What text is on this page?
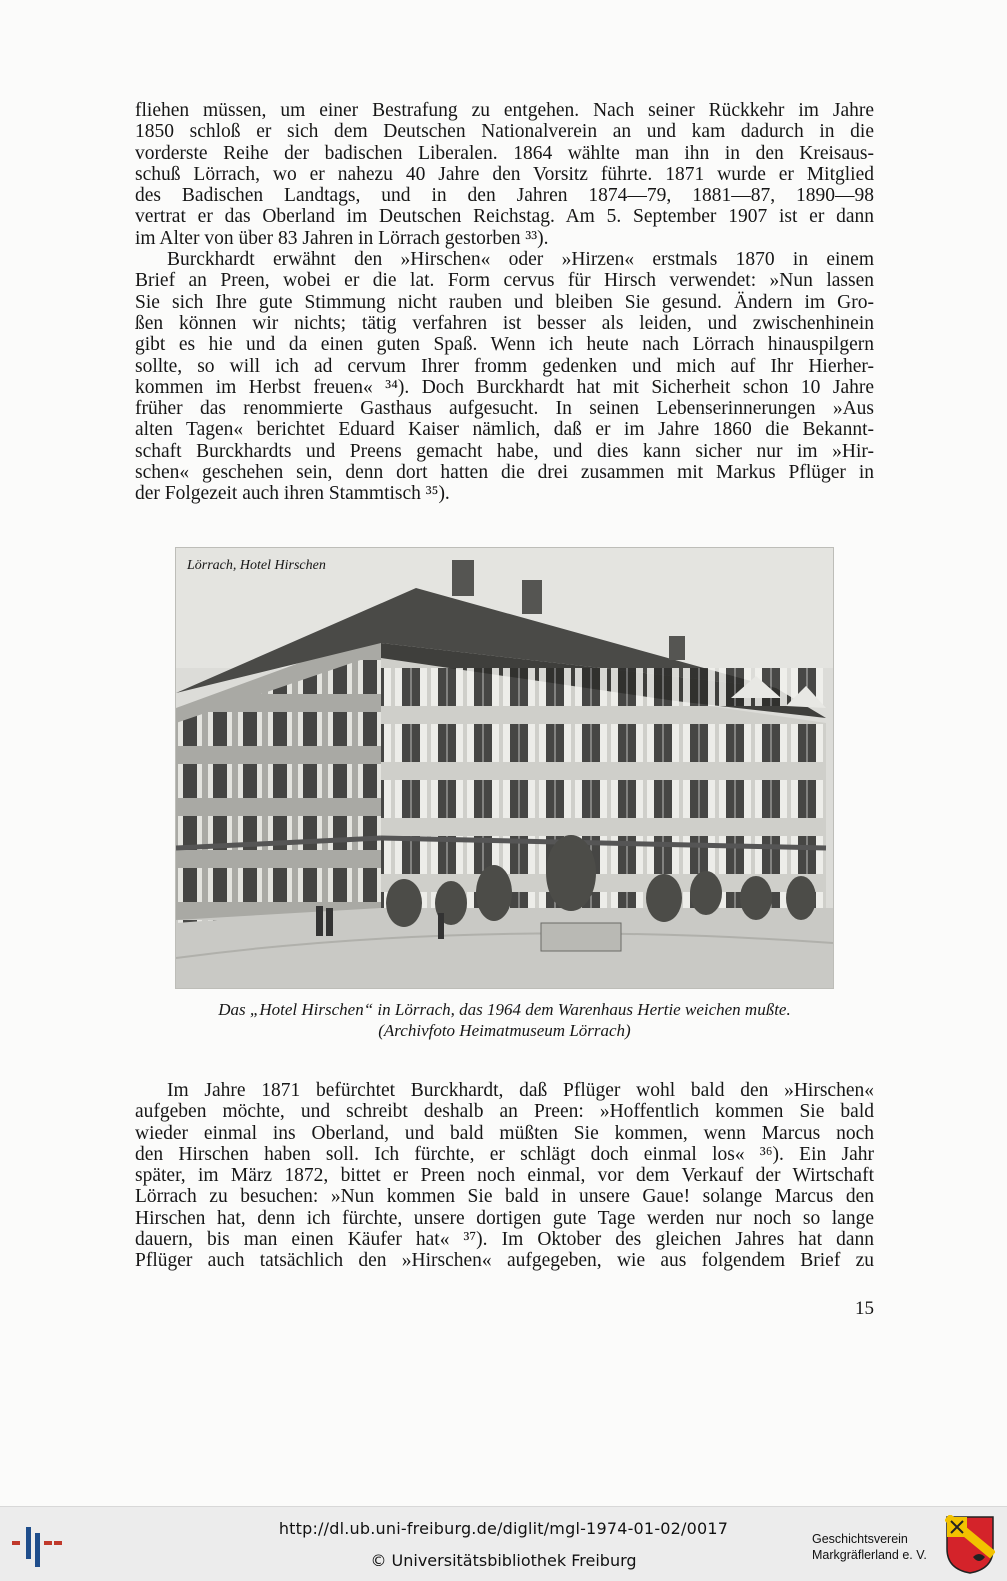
fliehen müssen, um einer Bestrafung zu entgehen. Nach seiner Rückkehr im Jahre
1850 schloß er sich dem Deutschen Nationalverein an und kam dadurch in die
vorderste Reihe der badischen Liberalen. 1864 wählte man ihn in den Kreisaus-
schuß Lörrach, wo er nahezu 40 Jahre den Vorsitz führte. 1871 wurde er Mitglied
des Badischen Landtags, und in den Jahren 1874—79, 1881—87, 1890—98
vertrat er das Oberland im Deutschen Reichstag. Am 5. September 1907 ist er dann
im Alter von über 83 Jahren in Lörrach gestorben ³³).
Burckhardt erwähnt den »Hirschen« oder »Hirzen« erstmals 1870 in einem
Brief an Preen, wobei er die lat. Form cervus für Hirsch verwendet: »Nun lassen
Sie sich Ihre gute Stimmung nicht rauben und bleiben Sie gesund. Ändern im Gro-
ßen können wir nichts; tätig verfahren ist besser als leiden, und zwischenhinein
gibt es hie und da einen guten Spaß. Wenn ich heute nach Lörrach hinauspilgern
sollte, so will ich ad cervum Ihrer fromm gedenken und mich auf Ihr Hierher-
kommen im Herbst freuen« ³⁴). Doch Burckhardt hat mit Sicherheit schon 10 Jahre
früher das renommierte Gasthaus aufgesucht. In seinen Lebenserinnerungen »Aus
alten Tagen« berichtet Eduard Kaiser nämlich, daß er im Jahre 1860 die Bekannt-
schaft Burckhardts und Preens gemacht habe, und dies kann sicher nur im »Hir-
schen« geschehen sein, denn dort hatten die drei zusammen mit Markus Pflüger in
der Folgezeit auch ihren Stammtisch ³⁵).
Lörrach, Hotel Hirschen
Das „Hotel Hirschen“ in Lörrach, das 1964 dem Warenhaus Hertie weichen mußte.
(Archivfoto Heimatmuseum Lörrach)
Im Jahre 1871 befürchtet Burckhardt, daß Pflüger wohl bald den »Hirschen«
aufgeben möchte, und schreibt deshalb an Preen: »Hoffentlich kommen Sie bald
wieder einmal ins Oberland, und bald müßten Sie kommen, wenn Marcus noch
den Hirschen haben soll. Ich fürchte, er schlägt doch einmal los« ³⁶). Ein Jahr
später, im März 1872, bittet er Preen noch einmal, vor dem Verkauf der Wirtschaft
Lörrach zu besuchen: »Nun kommen Sie bald in unsere Gaue! solange Marcus den
Hirschen hat, denn ich fürchte, unsere dortigen gute Tage werden nur noch so lange
dauern, bis man einen Käufer hat« ³⁷). Im Oktober des gleichen Jahres hat dann
Pflüger auch tatsächlich den »Hirschen« aufgegeben, wie aus folgendem Brief zu
15
http://dl.ub.uni-freiburg.de/diglit/mgl-1974-01-02/0017
© Universitätsbibliothek Freiburg
Geschichtsverein
Markgräflerland e. V.
